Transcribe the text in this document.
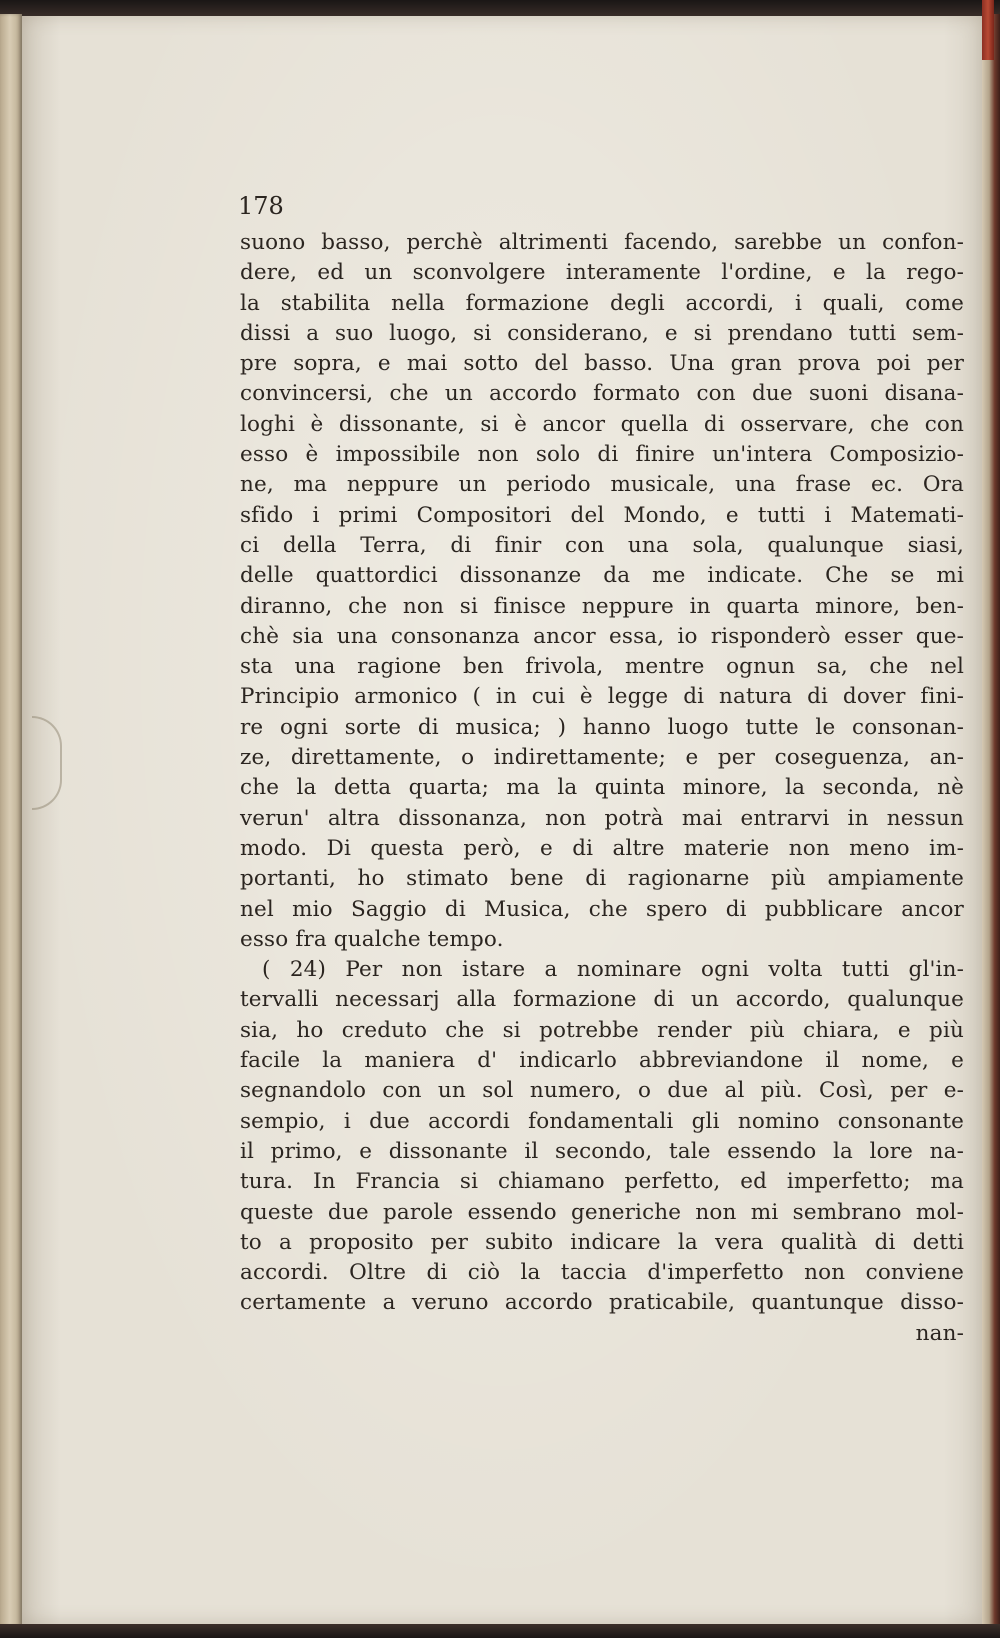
178

suono basso, perchè altrimenti facendo, sarebbe un confon-
dere, ed un sconvolgere interamente l'ordine, e la rego-
la stabilita nella formazione degli accordi, i quali, come
dissi a suo luogo, si considerano, e si prendano tutti sem-
pre sopra, e mai sotto del basso. Una gran prova poi per
convincersi, che un accordo formato con due suoni disana-
loghi è dissonante, si è ancor quella di osservare, che con
esso è impossibile non solo di finire un'intera Composizio-
ne, ma neppure un periodo musicale, una frase ec. Ora
sfido i primi Compositori del Mondo, e tutti i Matemati-
ci della Terra, di finir con una sola, qualunque siasi,
delle quattordici dissonanze da me indicate. Che se mi
diranno, che non si finisce neppure in quarta minore, ben-
chè sia una consonanza ancor essa, io risponderò esser que-
sta una ragione ben frivola, mentre ognun sa, che nel
Principio armonico ( in cui è legge di natura di dover fini-
re ogni sorte di musica; ) hanno luogo tutte le consonan-
ze, direttamente, o indirettamente; e per coseguenza, an-
che la detta quarta; ma la quinta minore, la seconda, nè
verun' altra dissonanza, non potrà mai entrarvi in nessun
modo. Di questa però, e di altre materie non meno im-
portanti, ho stimato bene di ragionarne più ampiamente
nel mio Saggio di Musica, che spero di pubblicare ancor
esso fra qualche tempo.
( 24) Per non istare a nominare ogni volta tutti gl'in-
tervalli necessarj alla formazione di un accordo, qualunque
sia, ho creduto che si potrebbe render più chiara, e più
facile la maniera d' indicarlo abbreviandone il nome, e
segnandolo con un sol numero, o due al più. Così, per e-
sempio, i due accordi fondamentali gli nomino consonante
il primo, e dissonante il secondo, tale essendo la lore na-
tura. In Francia si chiamano perfetto, ed imperfetto; ma
queste due parole essendo generiche non mi sembrano mol-
to a proposito per subito indicare la vera qualità di detti
accordi. Oltre di ciò la taccia d'imperfetto non conviene
certamente a veruno accordo praticabile, quantunque disso-
nan-
